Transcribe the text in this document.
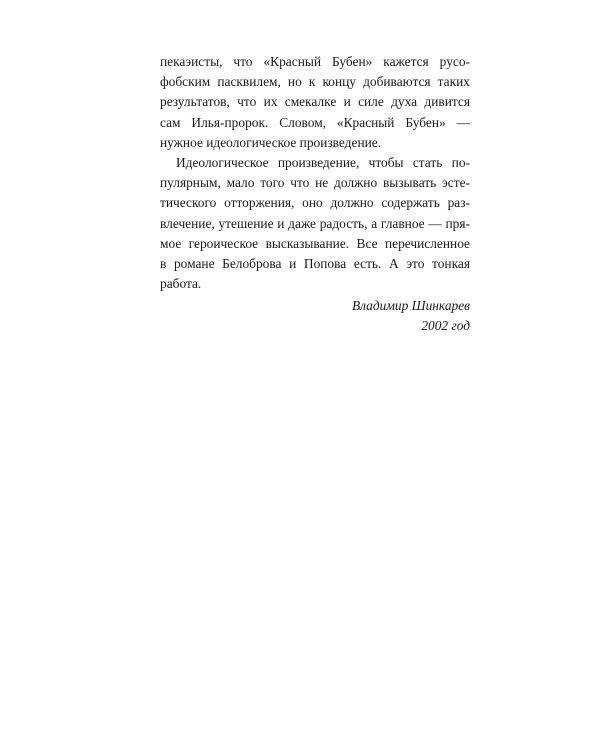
пекаэисты, что «Красный Бубен» кажется русо-
фобским пасквилем, но к концу добиваются таких
результатов, что их смекалке и силе духа дивится
сам Илья-пророк. Словом, «Красный Бубен» —
нужное идеологическое произведение.
Идеологическое произведение, чтобы стать по-
пулярным, мало того что не должно вызывать эсте-
тического отторжения, оно должно содержать раз-
влечение, утешение и даже радость, а главное — пря-
мое героическое высказывание. Все перечисленное
в романе Белоброва и Попова есть. А это тонкая
работа.
Владимир Шинкарев
2002 год
